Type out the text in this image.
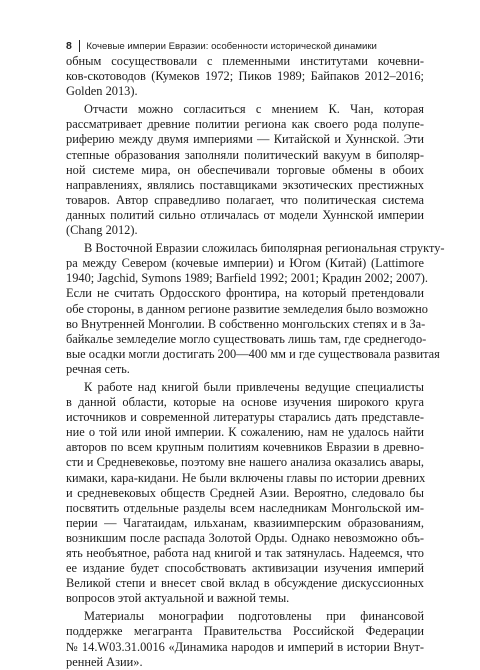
8 Кочевые империи Евразии: особенности исторической динамики
обным сосуществовали с племенными институтами кочевни-
ков-скотоводов (Кумеков 1972; Пиков 1989; Байпаков 2012–2016;
Golden 2013).
Отчасти можно согласиться с мнением К. Чан, которая
рассматривает древние политии региона как своего рода полупе-
риферию между двумя империями — Китайской и Хуннской. Эти
степные образования заполняли политический вакуум в биполяр-
ной системе мира, он обеспечивали торговые обмены в обоих
направлениях, являлись поставщиками экзотических престижных
товаров. Автор справедливо полагает, что политическая система
данных политий сильно отличалась от модели Хуннской империи
(Chang 2012).
В Восточной Евразии сложилась биполярная региональная структу-
ра между Севером (кочевые империи) и Югом (Китай) (Lattimore
1940; Jagchid, Symons 1989; Barfield 1992; 2001; Крадин 2002; 2007).
Если не считать Ордосского фронтира, на который претендовали
обе стороны, в данном регионе развитие земледелия было возможно
во Внутренней Монголии. В собственно монгольских степях и в За-
байкалье земледелие могло существовать лишь там, где среднегодо-
вые осадки могли достигать 200—400 мм и где существовала развитая
речная сеть.
К работе над книгой были привлечены ведущие специалисты
в данной области, которые на основе изучения широкого круга
источников и современной литературы старались дать представле-
ние о той или иной империи. К сожалению, нам не удалось найти
авторов по всем крупным политиям кочевников Евразии в древно-
сти и Средневековье, поэтому вне нашего анализа оказались авары,
кимаки, кара-кидани. Не были включены главы по истории древних
и средневековых обществ Средней Азии. Вероятно, следовало бы
посвятить отдельные разделы всем наследникам Монгольской им-
перии — Чагатаидам, ильханам, квазиимперским образованиям,
возникшим после распада Золотой Орды. Однако невозможно объ-
ять необъятное, работа над книгой и так затянулась. Надеемся, что
ее издание будет способствовать активизации изучения империй
Великой степи и внесет свой вклад в обсуждение дискуссионных
вопросов этой актуальной и важной темы.
Материалы монографии подготовлены при финансовой
поддержке мегагранта Правительства Российской Федерации
№ 14.W03.31.0016 «Динамика народов и империй в истории Внут-
ренней Азии».
